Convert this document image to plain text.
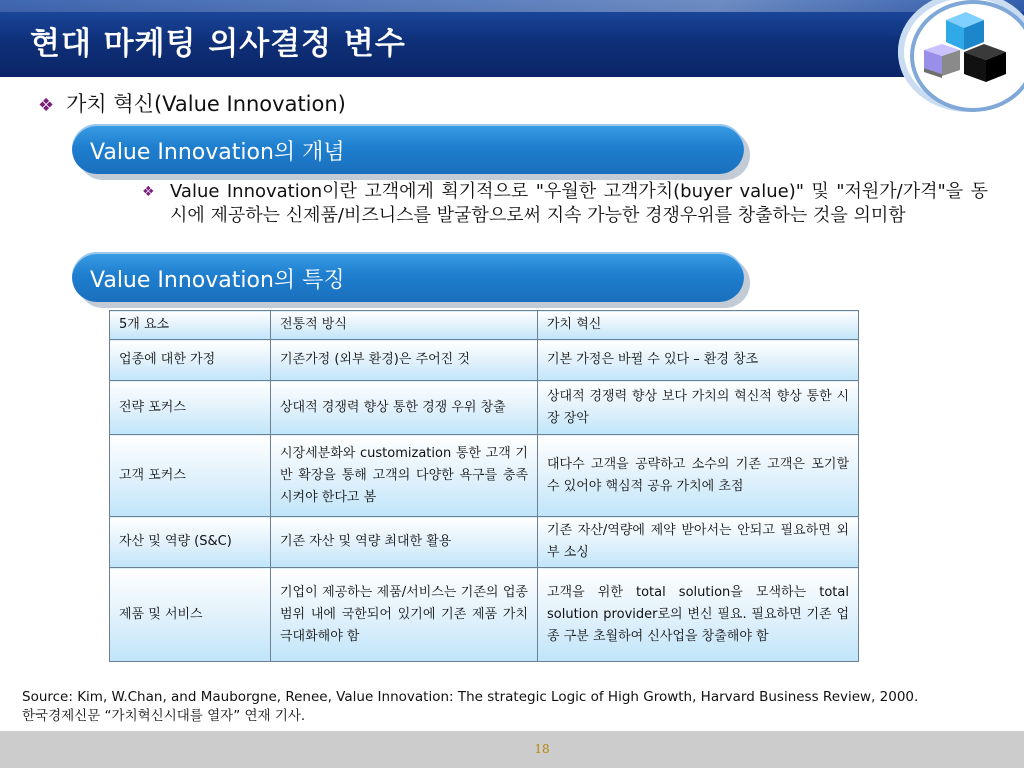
현대 마케팅 의사결정 변수
❖ 가치 혁신(Value Innovation)
Value Innovation의 개념
❖ Value Innovation이란 고객에게 획기적으로 "우월한 고객가치(buyer value)" 및 "저원가/가격"을 동시에 제공하는 신제품/비즈니스를 발굴함으로써 지속 가능한 경쟁우위를 창출하는 것을 의미함
Value Innovation의 특징
5개 요소	전통적 방식	가치 혁신
업종에 대한 가정	기존가정 (외부 환경)은 주어진 것	기본 가정은 바뀔 수 있다 – 환경 창조
전략 포커스	상대적 경쟁력 향상 통한 경쟁 우위 창출	상대적 경쟁력 향상 보다 가치의 혁신적 향상 통한 시장 장악
고객 포커스	시장세분화와 customization 통한 고객 기반 확장을 통해 고객의 다양한 욕구를 충족시켜야 한다고 봄	대다수 고객을 공략하고 소수의 기존 고객은 포기할 수 있어야 핵심적 공유 가치에 초점
자산 및 역량 (S&C)	기존 자산 및 역량 최대한 활용	기존 자산/역량에 제약 받아서는 안되고 필요하면 외부 소싱
제품 및 서비스	기업이 제공하는 제품/서비스는 기존의 업종 범위 내에 국한되어 있기에 기존 제품 가치 극대화해야 함	고객을 위한 total solution을 모색하는 total solution provider로의 변신 필요. 필요하면 기존 업종 구분 초월하여 신사업을 창출해야 함
Source: Kim, W.Chan, and Mauborgne, Renee, Value Innovation: The strategic Logic of High Growth, Harvard Business Review, 2000.
한국경제신문 “가치혁신시대를 열자” 연재 기사.
18
